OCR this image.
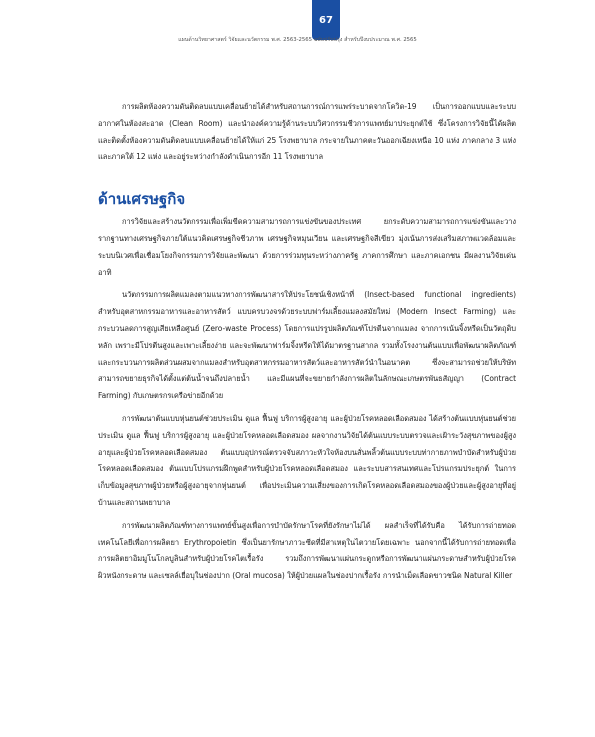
67
แผนด้านวิทยาศาสตร์ วิจัยและนวัตกรรม พ.ศ. 2563-2565 ฉบับปรับปรุง สำหรับปีงบประมาณ พ.ศ. 2565

การผลิตห้องความดันติดลบแบบเคลื่อนย้ายได้สำหรับสถานการณ์การแพร่ระบาดจากโควิด-19 เป็นการออกแบบและระบบอากาศในห้องสะอาด (Clean Room) และนำองค์ความรู้ด้านระบบวิศวกรรมชีวการแพทย์มาประยุกต์ใช้ ซึ่งโครงการวิจัยนี้ได้ผลิตและติดตั้งห้องความดันติดลบแบบเคลื่อนย้ายได้ให้แก่ 25 โรงพยาบาล กระจายในภาคตะวันออกเฉียงเหนือ 10 แห่ง ภาคกลาง 3 แห่ง และภาคใต้ 12 แห่ง และอยู่ระหว่างกำลังดำเนินการอีก 11 โรงพยาบาล

ด้านเศรษฐกิจ

การวิจัยและสร้างนวัตกรรมเพื่อเพิ่มขีดความสามารถการแข่งขันของประเทศ ยกระดับความสามารถการแข่งขันและวางรากฐานทางเศรษฐกิจภายใต้แนวคิดเศรษฐกิจชีวภาพ เศรษฐกิจหมุนเวียน และเศรษฐกิจสีเขียว มุ่งเน้นการส่งเสริมสภาพแวดล้อมและระบบนิเวศเพื่อเชื่อมโยงกิจกรรมการวิจัยและพัฒนา ด้วยการร่วมทุนระหว่างภาครัฐ ภาคการศึกษา และภาคเอกชน มีผลงานวิจัยเด่น อาทิ

นวัตกรรมการผลิตแมลงตามแนวทางการพัฒนาสารให้ประโยชน์เชิงหน้าที่ (Insect-based functional ingredients) สำหรับอุตสาหกรรมอาหารและอาหารสัตว์ แบบครบวงจรด้วยระบบฟาร์มเลี้ยงแมลงสมัยใหม่ (Modern Insect Farming) และกระบวนลดการสูญเสียเหลือศูนย์ (Zero-waste Process) โดยการแปรรูปผลิตภัณฑ์โปรตีนจากแมลง จากการเน้นจิ้งหรีดเป็นวัตถุดิบหลัก เพราะมีโปรตีนสูงและเพาะเลี้ยงง่าย และจะพัฒนาฟาร์มจิ้งหรีดให้ได้มาตรฐานสากล รวมทั้งโรงงานต้นแบบเพื่อพัฒนาผลิตภัณฑ์และกระบวนการผลิตส่วนผสมจากแมลงสำหรับอุตสาหกรรมอาหารสัตว์และอาหารสัตว์นำในอนาคต ซึ่งจะสามารถช่วยให้บริษัทสามารถขยายธุรกิจได้ตั้งแต่ต้นน้ำจนถึงปลายน้ำ และมีแผนที่จะขยายกำลังการผลิตในลักษณะเกษตรพันธสัญญา (Contract Farming) กับเกษตรกรเครือข่ายอีกด้วย

การพัฒนาต้นแบบหุ่นยนต์ช่วยประเมิน ดูแล ฟื้นฟู บริการผู้สูงอายุ และผู้ป่วยโรคหลอดเลือดสมอง ได้สร้างต้นแบบหุ่นยนต์ช่วยประเมิน ดูแล ฟื้นฟู บริการผู้สูงอายุ และผู้ป่วยโรคหลอดเลือดสมอง ผลจากงานวิจัยได้ต้นแบบระบบตรวจและเฝ้าระวังสุขภาพของผู้สูงอายุและผู้ป่วยโรคหลอดเลือดสมอง ต้นแบบอุปกรณ์ตรวจจับสภาวะหัวใจห้องบนสั่นพลิ้วต้นแบบระบบท่ากายภาพบำบัดสำหรับผู้ป่วยโรคหลอดเลือดสมอง ต้นแบบโปรแกรมฝึกพูดสำหรับผู้ป่วยโรคหลอดเลือดสมอง และระบบสารสนเทศและโปรแกรมประยุกต์ ในการเก็บข้อมูลสุขภาพผู้ป่วยหรือผู้สูงอายุจากหุ่นยนต์ เพื่อประเมินความเสี่ยงของการเกิดโรคหลอดเลือดสมองของผู้ป่วยและผู้สูงอายุที่อยู่บ้านและสถานพยาบาล

การพัฒนาผลิตภัณฑ์ทางการแพทย์ขั้นสูงเพื่อการบำบัดรักษาโรคที่ยังรักษาไม่ได้ ผลสำเร็จที่ได้รับคือ ได้รับการถ่ายทอดเทคโนโลยีเพื่อการผลิตยา Erythropoietin ซึ่งเป็นยารักษาภาวะซีดที่มีสาเหตุในไตวายโดยเฉพาะ นอกจากนี้ได้รับการถ่ายทอดเพื่อการผลิตยาอิมมูโนโกลบูลินสำหรับผู้ป่วยโรคไตเรื้อรัง รวมถึงการพัฒนาแผ่นกระดูกหรือการพัฒนาแผ่นกระดาษสำหรับผู้ป่วยโรคผิวหนังกระดาษ และเซลล์เยื่อบุในช่องปาก (Oral mucosa) ให้ผู้ป่วยแผลในช่องปากเรื้อรัง การนำเม็ดเลือดขาวชนิด Natural Killer
